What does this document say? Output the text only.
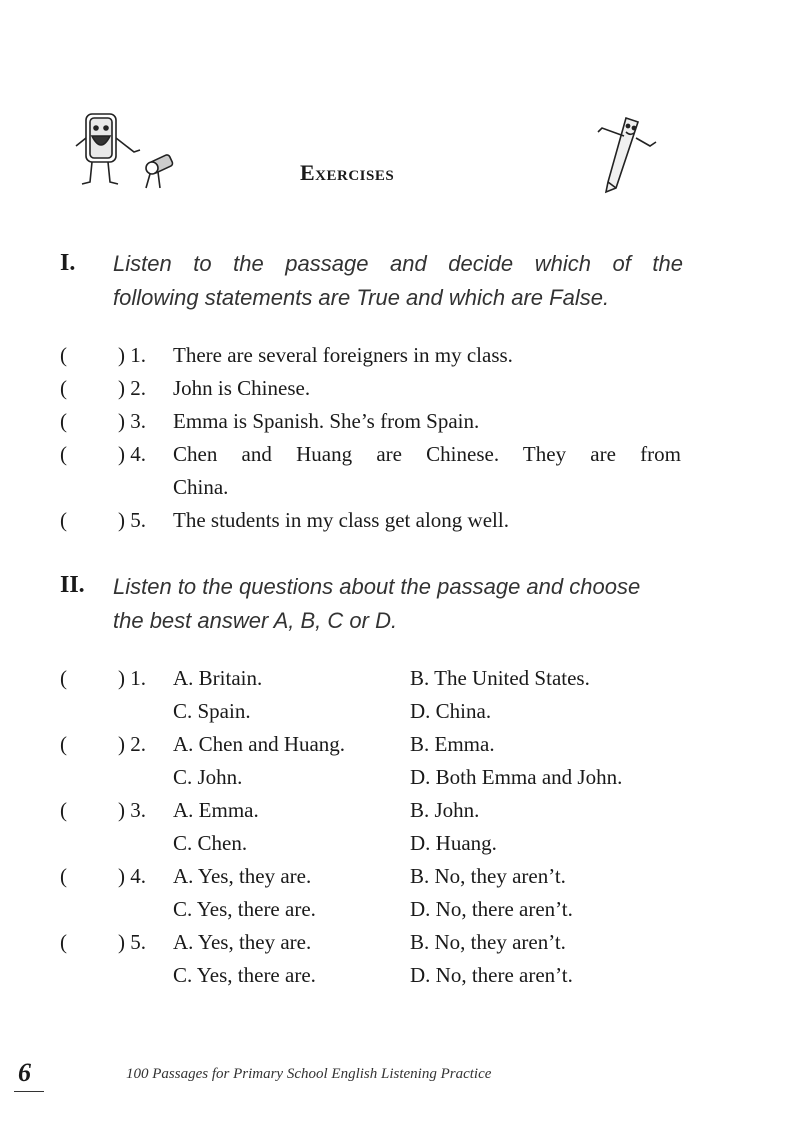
Exercises
I. Listen to the passage and decide which of the
following statements are True and which are False.
( ) 1. There are several foreigners in my class.
( ) 2. John is Chinese.
( ) 3. Emma is Spanish. She’s from Spain.
( ) 4. Chen and Huang are Chinese. They are from
China.
( ) 5. The students in my class get along well.
II. Listen to the questions about the passage and choose
the best answer A, B, C or D.
( ) 1. A. Britain.	B. The United States.
C. Spain.	D. China.
( ) 2. A. Chen and Huang.	B. Emma.
C. John.	D. Both Emma and John.
( ) 3. A. Emma.	B. John.
C. Chen.	D. Huang.
( ) 4. A. Yes, they are.	B. No, they aren’t.
C. Yes, there are.	D. No, there aren’t.
( ) 5. A. Yes, they are.	B. No, they aren’t.
C. Yes, there are.	D. No, there aren’t.
6	100 Passages for Primary School English Listening Practice
